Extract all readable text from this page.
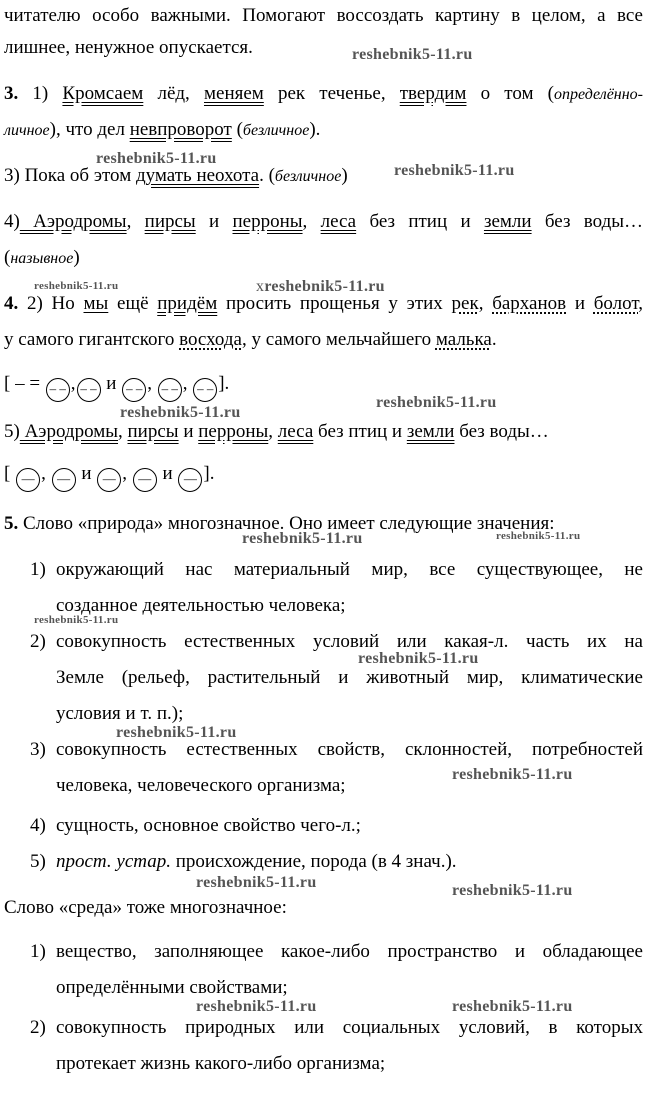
читателю особо важными. Помогают воссоздать картину в целом, а все
лишнее, ненужное опускается.
3. 1) Кромсаем лёд, меняем рек теченье, твердим о том (определённо-
личное), что дел невпроворот (безличное).
3) Пока об этом думать неохота. (безличное)
4) Аэродромы, пирсы и перроны, леса без птиц и земли без воды…
(назывное)
4. 2) Но мы ещё придём просить прощенья у этих рек, барханов и болот,
у самого гигантского восхода, у самого мельчайшего малька.
[ – = – – , – – и – – , – – , – – ].
5) Аэродромы, пирсы и перроны, леса без птиц и земли без воды…
[ — , — и — , — и — ].
5. Слово «природа» многозначное. Оно имеет следующие значения:
1) окружающий нас материальный мир, все существующее, не
созданное деятельностью человека;
2) совокупность естественных условий или какая-л. часть их на
Земле (рельеф, растительный и животный мир, климатические
условия и т. п.);
3) совокупность естественных свойств, склонностей, потребностей
человека, человеческого организма;
4) сущность, основное свойство чего-л.;
5) прост. устар. происхождение, порода (в 4 знач.).
Слово «среда» тоже многозначное:
1) вещество, заполняющее какое-либо пространство и обладающее
определёнными свойствами;
2) совокупность природных или социальных условий, в которых
протекает жизнь какого-либо организма;
reshebnik5-11.ru
reshebnik5-11.ru
reshebnik5-11.ru
reshebnik5-11.ru	xreshebnik5-11.ru
reshebnik5-11.ru
reshebnik5-11.ru
reshebnik5-11.ru	reshebnik5-11.ru
reshebnik5-11.ru
reshebnik5-11.ru
reshebnik5-11.ru
reshebnik5-11.ru
reshebnik5-11.ru	reshebnik5-11.ru
reshebnik5-11.ru	reshebnik5-11.ru
